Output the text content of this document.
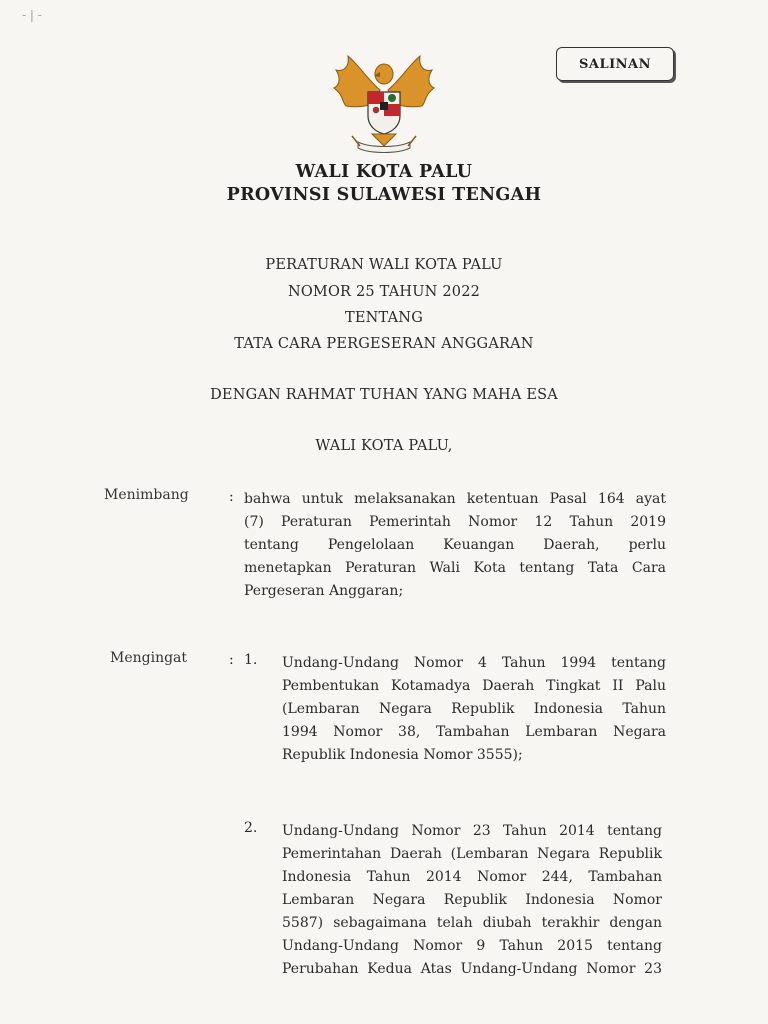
- | -
SALINAN
WALI KOTA PALU
PROVINSI SULAWESI TENGAH
PERATURAN WALI KOTA PALU
NOMOR 25 TAHUN 2022
TENTANG
TATA CARA PERGESERAN ANGGARAN
DENGAN RAHMAT TUHAN YANG MAHA ESA
WALI KOTA PALU,
Menimbang	: bahwa untuk melaksanakan ketentuan Pasal 164 ayat
(7) Peraturan Pemerintah Nomor 12 Tahun 2019
tentang Pengelolaan Keuangan Daerah, perlu
menetapkan Peraturan Wali Kota tentang Tata Cara
Pergeseran Anggaran;
Mengingat	: 1. Undang-Undang Nomor 4 Tahun 1994 tentang
Pembentukan Kotamadya Daerah Tingkat II Palu
(Lembaran Negara Republik Indonesia Tahun
1994 Nomor 38, Tambahan Lembaran Negara
Republik Indonesia Nomor 3555);
2. Undang-Undang Nomor 23 Tahun 2014 tentang
Pemerintahan Daerah (Lembaran Negara Republik
Indonesia Tahun 2014 Nomor 244, Tambahan
Lembaran Negara Republik Indonesia Nomor
5587) sebagaimana telah diubah terakhir dengan
Undang-Undang Nomor 9 Tahun 2015 tentang
Perubahan Kedua Atas Undang-Undang Nomor 23
